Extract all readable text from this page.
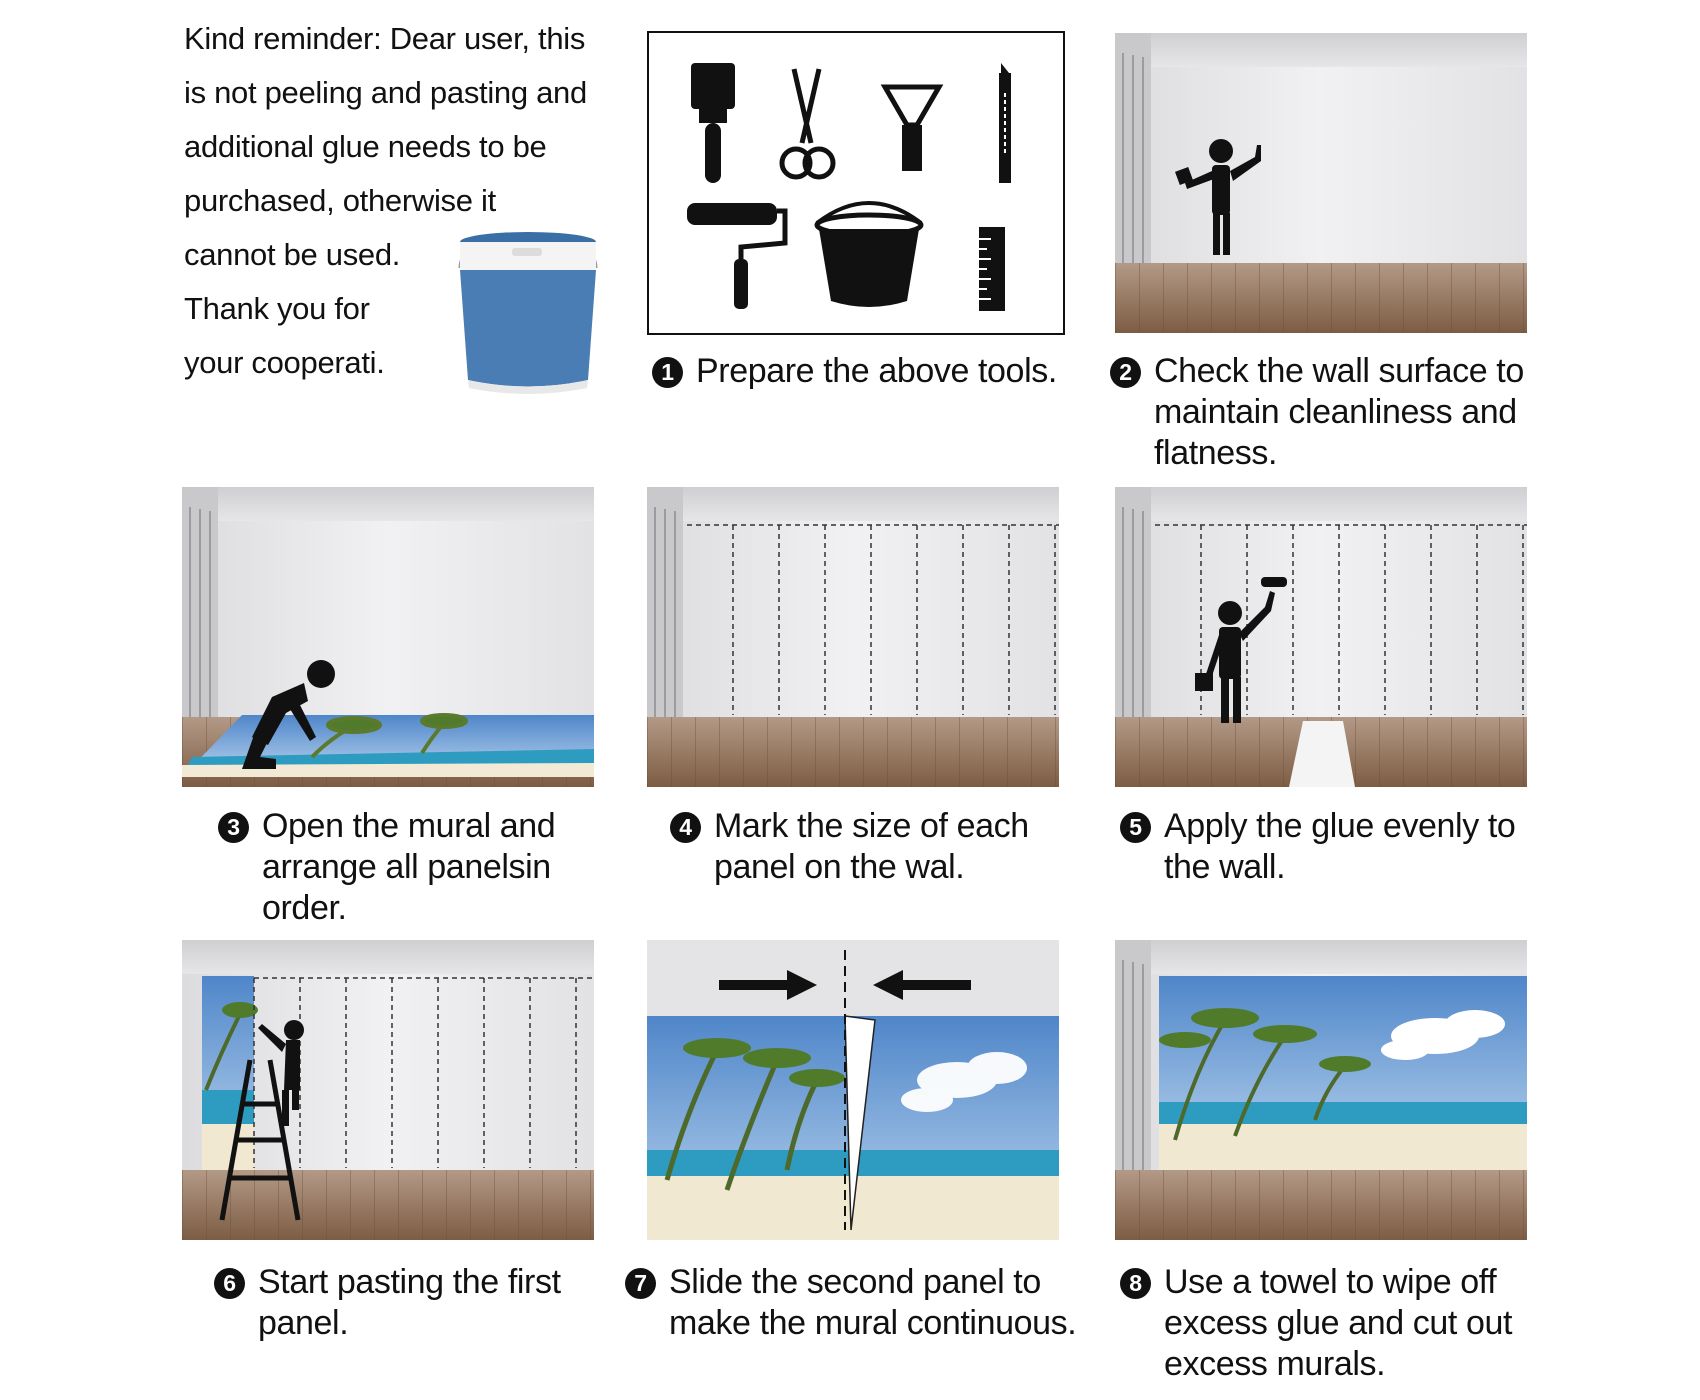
Kind reminder: Dear user, this
is not peeling and pasting and
additional glue needs to be
purchased, otherwise it
cannot be used.
Thank you for
your cooperati.	1 Prepare the above tools.	2 Check the wall surface to maintain cleanliness and flatness.
3 Open the mural and arrange all panelsin order.
4 Mark the size of each panel on the wal.
5 Apply the glue evenly to the wall.
6 Start pasting the first panel.
7 Slide the second panel to make the mural continuous.
8 Use a towel to wipe off excess glue and cut out excess murals.
